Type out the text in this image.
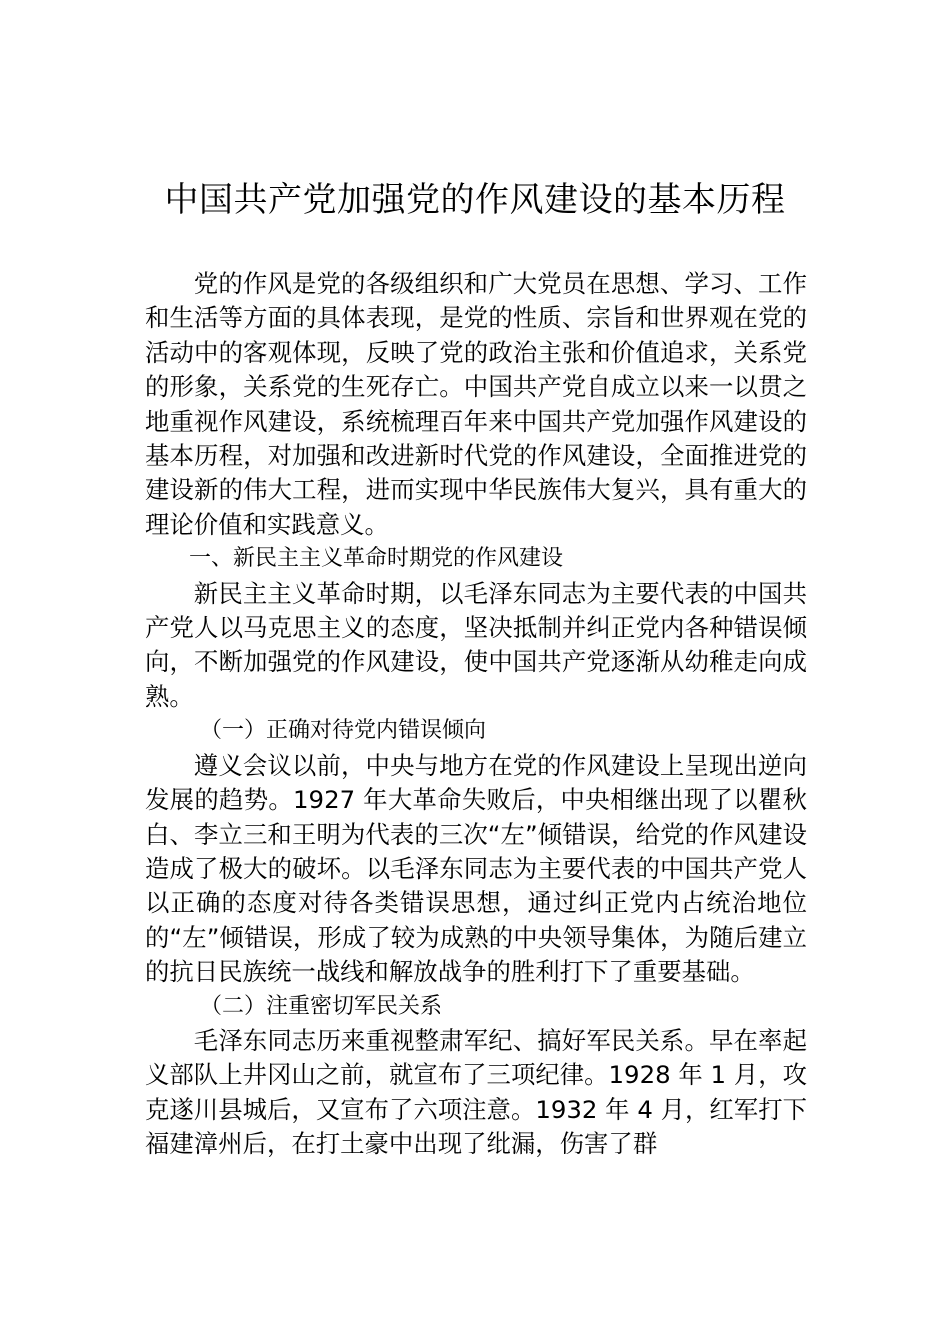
中国共产党加强党的作风建设的基本历程

党的作风是党的各级组织和广大党员在思想、学习、工作和生活等方面的具体表现，是党的性质、宗旨和世界观在党的活动中的客观体现，反映了党的政治主张和价值追求，关系党的形象，关系党的生死存亡。中国共产党自成立以来一以贯之地重视作风建设，系统梳理百年来中国共产党加强作风建设的基本历程，对加强和改进新时代党的作风建设，全面推进党的建设新的伟大工程，进而实现中华民族伟大复兴，具有重大的理论价值和实践意义。

一、新民主主义革命时期党的作风建设

新民主主义革命时期，以毛泽东同志为主要代表的中国共产党人以马克思主义的态度，坚决抵制并纠正党内各种错误倾向，不断加强党的作风建设，使中国共产党逐渐从幼稚走向成熟。

（一）正确对待党内错误倾向

遵义会议以前，中央与地方在党的作风建设上呈现出逆向发展的趋势。1927 年大革命失败后，中央相继出现了以瞿秋白、李立三和王明为代表的三次“左”倾错误，给党的作风建设造成了极大的破坏。以毛泽东同志为主要代表的中国共产党人以正确的态度对待各类错误思想，通过纠正党内占统治地位的“左”倾错误，形成了较为成熟的中央领导集体，为随后建立的抗日民族统一战线和解放战争的胜利打下了重要基础。

（二）注重密切军民关系

毛泽东同志历来重视整肃军纪、搞好军民关系。早在率起义部队上井冈山之前，就宣布了三项纪律。1928 年 1 月，攻克遂川县城后，又宣布了六项注意。1932 年 4 月，红军打下福建漳州后，在打土豪中出现了纰漏，伤害了群
